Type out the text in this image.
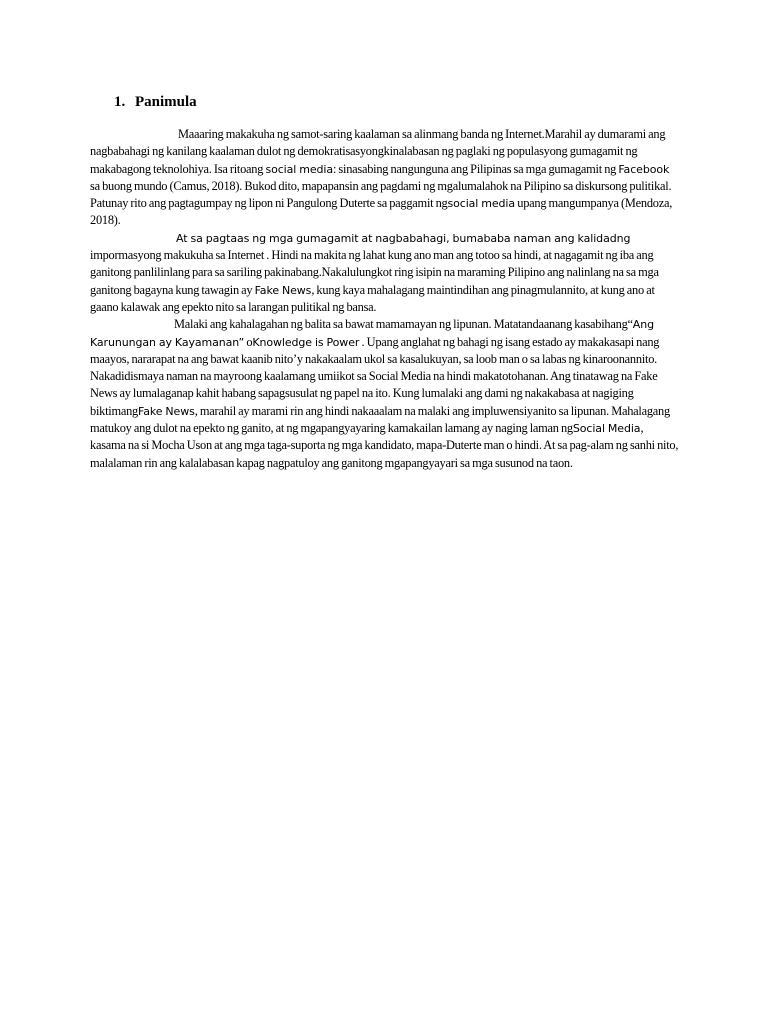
1. Panimula

Maaaring makakuha ng samot-saring kaalaman sa alinmang banda ng Internet.Marahil ay dumarami ang nagbabahagi ng kanilang kaalaman dulot ng demokratisasyongkinalabasan ng paglaki ng populasyong gumagamit ng makabagong teknolohiya. Isa ritoang social media: sinasabing nangunguna ang Pilipinas sa mga gumagamit ng Facebook sa buong mundo (Camus, 2018). Bukod dito, mapapansin ang pagdami ng mgalumalahok na Pilipino sa diskursong pulitikal. Patunay rito ang pagtagumpay ng lipon ni Pangulong Duterte sa paggamit ngsocial media upang mangumpanya (Mendoza, 2018).

At sa pagtaas ng mga gumagamit at nagbabahagi, bumababa naman ang kalidadng impormasyong makukuha sa Internet . Hindi na makita ng lahat kung ano man ang totoo sa hindi, at nagagamit ng iba ang ganitong panlilinlang para sa sariling pakinabang.Nakalulungkot ring isipin na maraming Pilipino ang nalinlang na sa mga ganitong bagayna kung tawagin ay Fake News, kung kaya mahalagang maintindihan ang pinagmulannito, at kung ano at gaano kalawak ang epekto nito sa larangan pulitikal ng bansa.

Malaki ang kahalagahan ng balita sa bawat mamamayan ng lipunan. Matatandaanang kasabihang“Ang Karunungan ay Kayamanan” oKnowledge is Power . Upang anglahat ng bahagi ng isang estado ay makakasapi nang maayos, nararapat na ang bawat kaanib nito’y nakakaalam ukol sa kasalukuyan, sa loob man o sa labas ng kinaroonannito. Nakadidismaya naman na mayroong kaalamang umiikot sa Social Media na hindi makatotohanan. Ang tinatawag na Fake News ay lumalaganap kahit habang sapagsusulat ng papel na ito. Kung lumalaki ang dami ng nakakabasa at nagiging biktimangFake News, marahil ay marami rin ang hindi nakaaalam na malaki ang impluwensiyanito sa lipunan. Mahalagang matukoy ang dulot na epekto ng ganito, at ng mgapangyayaring kamakailan lamang ay naging laman ngSocial Media, kasama na si Mocha Uson at ang mga taga-suporta ng mga kandidato, mapa-Duterte man o hindi. At sa pag-alam ng sanhi nito, malalaman rin ang kalalabasan kapag nagpatuloy ang ganitong mgapangyayari sa mga susunod na taon.
